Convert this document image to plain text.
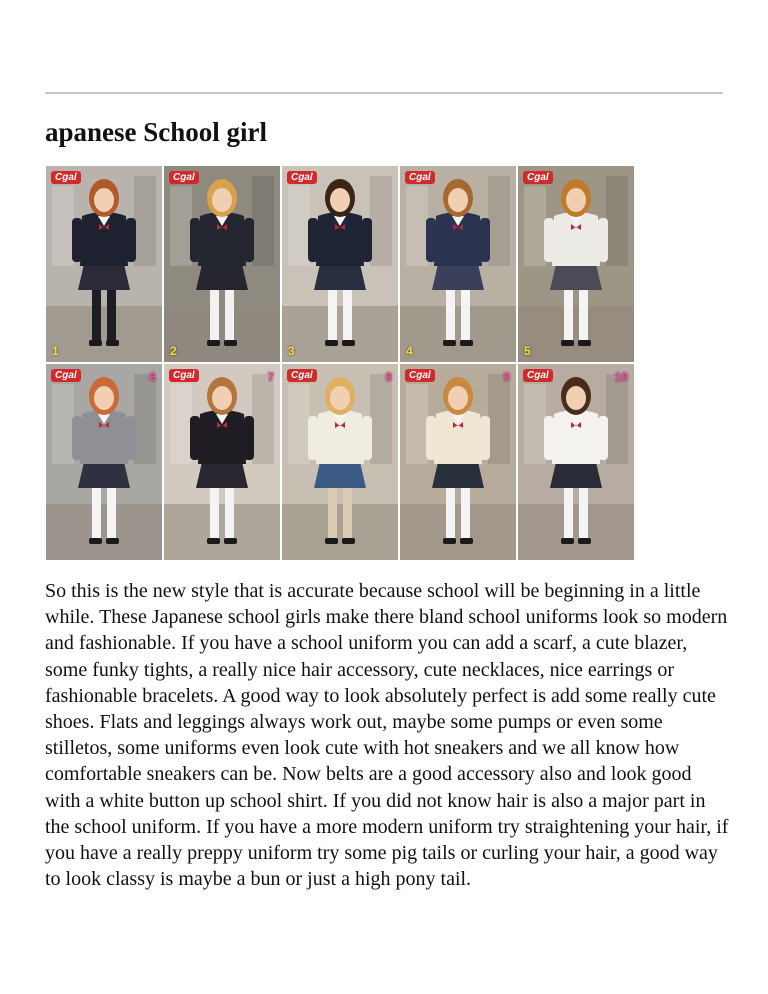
apanese School girl
Cgal
1
Cgal
2
Cgal
3
Cgal
4
Cgal
5
Cgal	6	Cgal	7	Cgal	8	Cgal	9	Cgal	10

So this is the new style that is accurate because school will be beginning in a little while. These Japanese school girls make there bland school uniforms look so modern and fashionable. If you have a school uniform you can add a scarf, a cute blazer, some funky tights, a really nice hair accessory, cute necklaces, nice earrings or fashionable bracelets. A good way to look absolutely perfect is add some really cute shoes. Flats and leggings always work out, maybe some pumps or even some stilletos, some uniforms even look cute with hot sneakers and we all know how comfortable sneakers can be. Now belts are a good accessory also and look good with a white button up school shirt. If you did not know hair is also a major part in the school uniform. If you have a more modern uniform try straightening your hair, if you have a really preppy uniform try some pig tails or curling your hair, a good way to look classy is maybe a bun or just a high pony tail.
